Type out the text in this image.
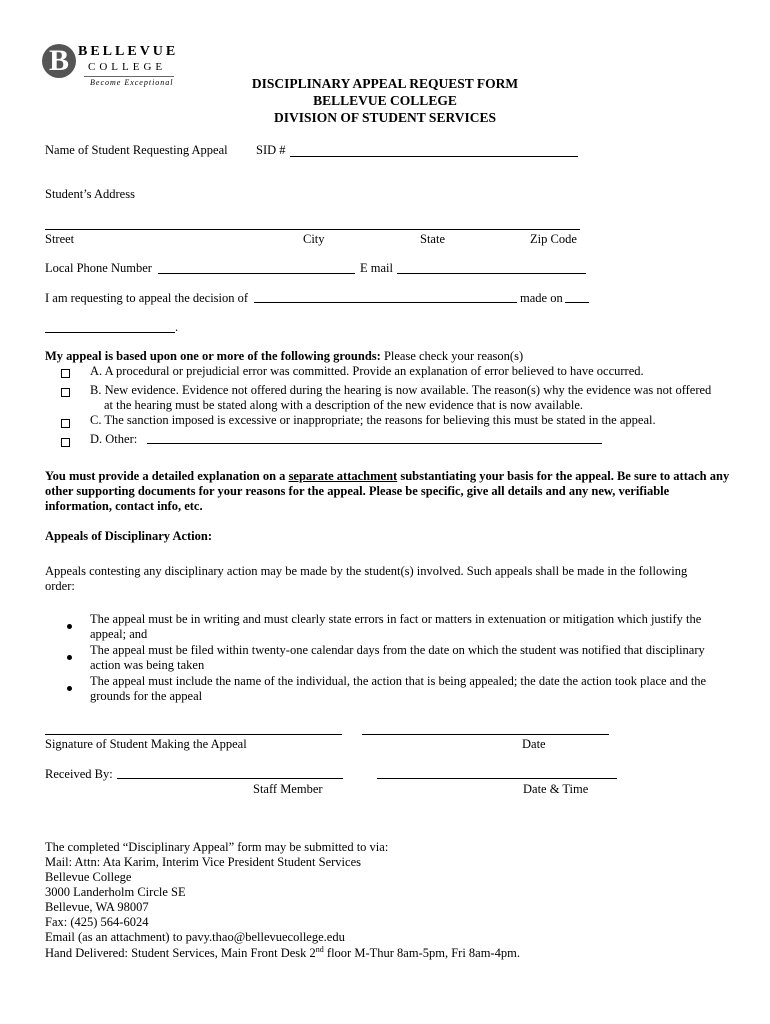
B BELLEVUE
COLLEGE
Become Exceptional	DISCIPLINARY APPEAL REQUEST FORM
BELLEVUE COLLEGE
DIVISION OF STUDENT SERVICES
Name of Student Requesting Appeal SID #
Student’s Address
Street	City	State	Zip Code
Local Phone Number	E mail
I am requesting to appeal the decision of	made on
.
My appeal is based upon one or more of the following grounds: Please check your reason(s)
A. A procedural or prejudicial error was committed. Provide an explanation of error believed to have occurred.
B. New evidence. Evidence not offered during the hearing is now available. The reason(s) why the evidence was not offered
at the hearing must be stated along with a description of the new evidence that is now available.
C. The sanction imposed is excessive or inappropriate; the reasons for believing this must be stated in the appeal.
D. Other:
You must provide a detailed explanation on a separate attachment substantiating your basis for the appeal. Be sure to attach any other supporting documents for your reasons for the appeal. Please be specific, give all details and any new, verifiable information, contact info, etc.
Appeals of Disciplinary Action:
Appeals contesting any disciplinary action may be made by the student(s) involved. Such appeals shall be made in the following order:
The appeal must be in writing and must clearly state errors in fact or matters in extenuation or mitigation which justify the appeal; and
The appeal must be filed within twenty-one calendar days from the date on which the student was notified that disciplinary action was being taken
The appeal must include the name of the individual, the action that is being appealed; the date the action took place and the grounds for the appeal
Signature of Student Making the Appeal	Date
Received By:
Staff Member	Date & Time
The completed “Disciplinary Appeal” form may be submitted to via:
Mail: Attn: Ata Karim, Interim Vice President Student Services
Bellevue College
3000 Landerholm Circle SE
Bellevue, WA 98007
Fax: (425) 564-6024
Email (as an attachment) to pavy.thao@bellevuecollege.edu
Hand Delivered: Student Services, Main Front Desk 2nd floor M-Thur 8am-5pm, Fri 8am-4pm.
